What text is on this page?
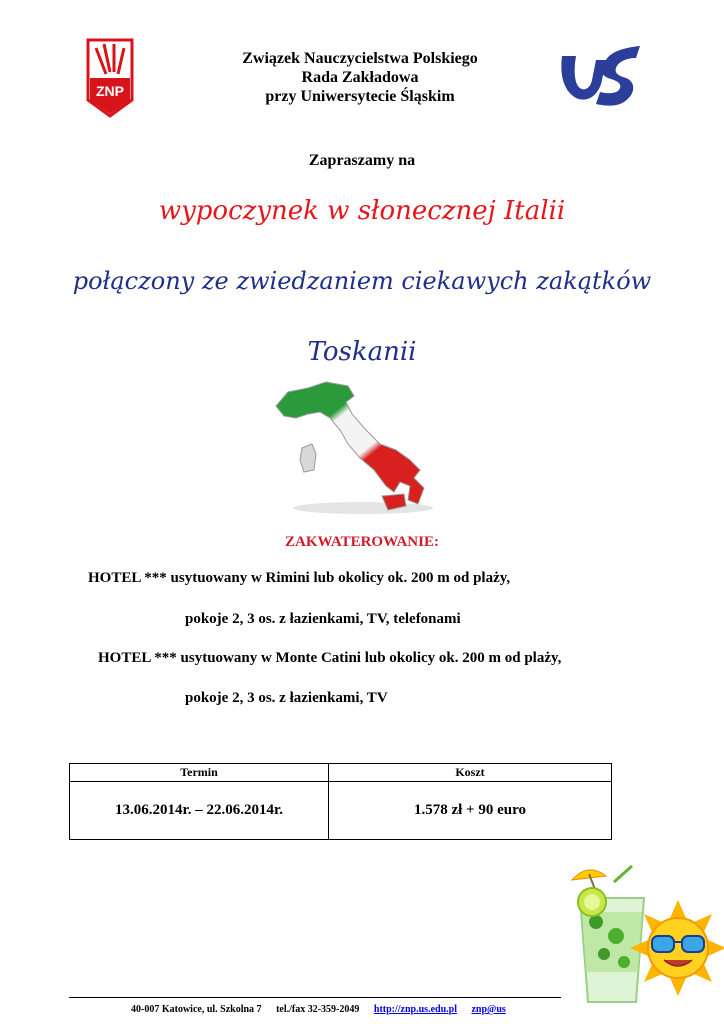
ZNP
Związek Nauczycielstwa Polskiego
Rada Zakładowa
przy Uniwersytecie Śląskim
Zapraszamy na
wypoczynek w słonecznej Italii
połączony ze zwiedzaniem ciekawych zakątków
Toskanii
ZAKWATEROWANIE:
HOTEL *** usytuowany w Rimini lub okolicy ok. 200 m od plaży,
pokoje 2, 3 os. z łazienkami, TV, telefonami
HOTEL *** usytuowany w Monte Catini lub okolicy ok. 200 m od plaży,
pokoje 2, 3 os. z łazienkami, TV
Termin	Koszt
13.06.2014r. – 22.06.2014r.	1.578 zł + 90 euro
40-007 Katowice, ul. Szkolna 7 tel./fax 32-359-2049 http://znp.us.edu.pl znp@us
